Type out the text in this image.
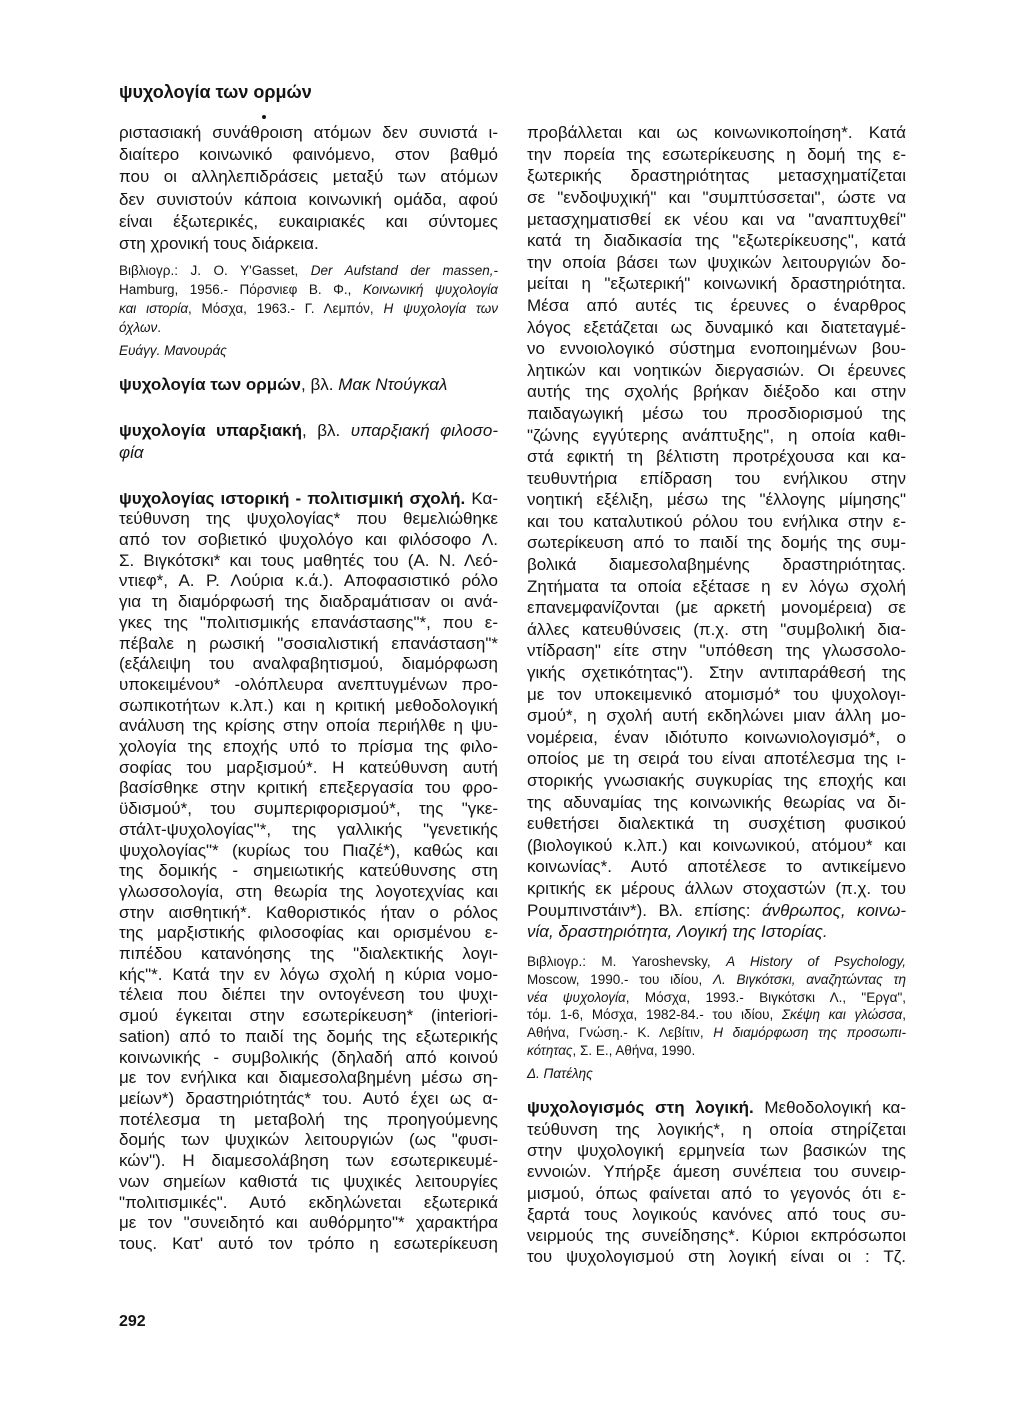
ψυχολογία των ορμών
ριστασιακή συνάθροιση ατόμων δεν συνιστά ι-
διαίτερο κοινωνικό φαινόμενο, στον βαθμό
που οι αλληλεπιδράσεις μεταξύ των ατόμων
δεν συνιστούν κάποια κοινωνική ομάδα, αφού
είναι έξωτερικές, ευκαιριακές και σύντομες
στη χρονική τους διάρκεια.
Βιβλιογρ.: J. O. Y'Gasset, Der Aufstand der massen,-
Hamburg, 1956.- Πόρσνιεφ Β. Φ., Κοινωνική ψυχολογία
και ιστορία, Μόσχα, 1963.- Γ. Λεμπόν, Η ψυχολογία των
όχλων.
Ευάγγ. Μανουράς
ψυχολογία των ορμών, βλ. Μακ Ντούγκαλ
ψυχολογία υπαρξιακή, βλ. υπαρξιακή φιλοσο-
φία
ψυχολογίας ιστορική - πολιτισμική σχολή. Κα-
τεύθυνση της ψυχολογίας* που θεμελιώθηκε
από τον σοβιετικό ψυχολόγο και φιλόσοφο Λ.
Σ. Βιγκότσκι* και τους μαθητές του (Α. Ν. Λεό-
ντιεφ*, Α. Ρ. Λούρια κ.ά.). Αποφασιστικό ρόλο
για τη διαμόρφωσή της διαδραμάτισαν οι ανά-
γκες της "πολιτισμικής επανάστασης"*, που ε-
πέβαλε η ρωσική "σοσιαλιστική επανάσταση"*
(εξάλειψη του αναλφαβητισμού, διαμόρφωση
υποκειμένου* -ολόπλευρα ανεπτυγμένων προ-
σωπικοτήτων κ.λπ.) και η κριτική μεθοδολογική
ανάλυση της κρίσης στην οποία περιήλθε η ψυ-
χολογία της εποχής υπό το πρίσμα της φιλο-
σοφίας του μαρξισμού*. Η κατεύθυνση αυτή
βασίσθηκε στην κριτική επεξεργασία του φρο-
ϋδισμού*, του συμπεριφορισμού*, της "γκε-
στάλτ-ψυχολογίας"*, της γαλλικής "γενετικής
ψυχολογίας"* (κυρίως του Πιαζέ*), καθώς και
της δομικής - σημειωτικής κατεύθυνσης στη
γλωσσολογία, στη θεωρία της λογοτεχνίας και
στην αισθητική*. Καθοριστικός ήταν ο ρόλος
της μαρξιστικής φιλοσοφίας και ορισμένου ε-
πιπέδου κατανόησης της "διαλεκτικής λογι-
κής"*. Κατά την εν λόγω σχολή η κύρια νομο-
τέλεια που διέπει την οντογένεση του ψυχι-
σμού έγκειται στην εσωτερίκευση* (interiori-
sation) από το παιδί της δομής της εξωτερικής
κοινωνικής - συμβολικής (δηλαδή από κοινού
με τον ενήλικα και διαμεσολαβημένη μέσω ση-
μείων*) δραστηριότητάς* του. Αυτό έχει ως α-
ποτέλεσμα τη μεταβολή της προηγούμενης
δομής των ψυχικών λειτουργιών (ως "φυσι-
κών"). Η διαμεσολάβηση των εσωτερικευμέ-
νων σημείων καθιστά τις ψυχικές λειτουργίες
"πολιτισμικές". Αυτό εκδηλώνεται εξωτερικά
με τον "συνειδητό και αυθόρμητο"* χαρακτήρα
τους. Κατ' αυτό τον τρόπο η εσωτερίκευση
προβάλλεται και ως κοινωνικοποίηση*. Κατά
την πορεία της εσωτερίκευσης η δομή της ε-
ξωτερικής δραστηριότητας μετασχηματίζεται
σε "ενδοψυχική" και "συμπτύσσεται", ώστε να
μετασχηματισθεί εκ νέου και να "αναπτυχθεί"
κατά τη διαδικασία της "εξωτερίκευσης", κατά
την οποία βάσει των ψυχικών λειτουργιών δο-
μείται η "εξωτερική" κοινωνική δραστηριότητα.
Μέσα από αυτές τις έρευνες ο έναρθρος
λόγος εξετάζεται ως δυναμικό και διατεταγμέ-
νο εννοιολογικό σύστημα ενοποιημένων βου-
λητικών και νοητικών διεργασιών. Οι έρευνες
αυτής της σχολής βρήκαν διέξοδο και στην
παιδαγωγική μέσω του προσδιορισμού της
"ζώνης εγγύτερης ανάπτυξης", η οποία καθι-
στά εφικτή τη βέλτιστη προτρέχουσα και κα-
τευθυντήρια επίδραση του ενήλικου στην
νοητική εξέλιξη, μέσω της "έλλογης μίμησης"
και του καταλυτικού ρόλου του ενήλικα στην ε-
σωτερίκευση από το παιδί της δομής της συμ-
βολικά διαμεσολαβημένης δραστηριότητας.
Ζητήματα τα οποία εξέτασε η εν λόγω σχολή
επανεμφανίζονται (με αρκετή μονομέρεια) σε
άλλες κατευθύνσεις (π.χ. στη "συμβολική δια-
ντίδραση" είτε στην "υπόθεση της γλωσσολο-
γικής σχετικότητας"). Στην αντιπαράθεσή της
με τον υποκειμενικό ατομισμό* του ψυχολογι-
σμού*, η σχολή αυτή εκδηλώνει μιαν άλλη μο-
νομέρεια, έναν ιδιότυπο κοινωνιολογισμό*, ο
οποίος με τη σειρά του είναι αποτέλεσμα της ι-
στορικής γνωσιακής συγκυρίας της εποχής και
της αδυναμίας της κοινωνικής θεωρίας να δι-
ευθετήσει διαλεκτικά τη συσχέτιση φυσικού
(βιολογικού κ.λπ.) και κοινωνικού, ατόμου* και
κοινωνίας*. Αυτό αποτέλεσε το αντικείμενο
κριτικής εκ μέρους άλλων στοχαστών (π.χ. του
Ρουμπινστάιν*). Βλ. επίσης: άνθρωπος, κοινω-
νία, δραστηριότητα, Λογική της Ιστορίας.
Βιβλιογρ.: M. Yaroshevsky, A History of Psychology,
Moscow, 1990.- του ιδίου, Λ. Βιγκότσκι, αναζητώντας τη
νέα ψυχολογία, Μόσχα, 1993.- Βιγκότσκι Λ., "Εργα",
τόμ. 1-6, Μόσχα, 1982-84.- του ιδίου, Σκέψη και γλώσσα,
Αθήνα, Γνώση.- Κ. Λεβίτιν, Η διαμόρφωση της προσωπι-
κότητας, Σ. Ε., Αθήνα, 1990.
Δ. Πατέλης
ψυχολογισμός στη λογική. Μεθοδολογική κα-
τεύθυνση της λογικής*, η οποία στηρίζεται
στην ψυχολογική ερμηνεία των βασικών της
εννοιών. Υπήρξε άμεση συνέπεια του συνειρ-
μισμού, όπως φαίνεται από το γεγονός ότι ε-
ξαρτά τους λογικούς κανόνες από τους συ-
νειρμούς της συνείδησης*. Κύριοι εκπρόσωποι
του ψυχολογισμού στη λογική είναι οι : Τζ.
292
